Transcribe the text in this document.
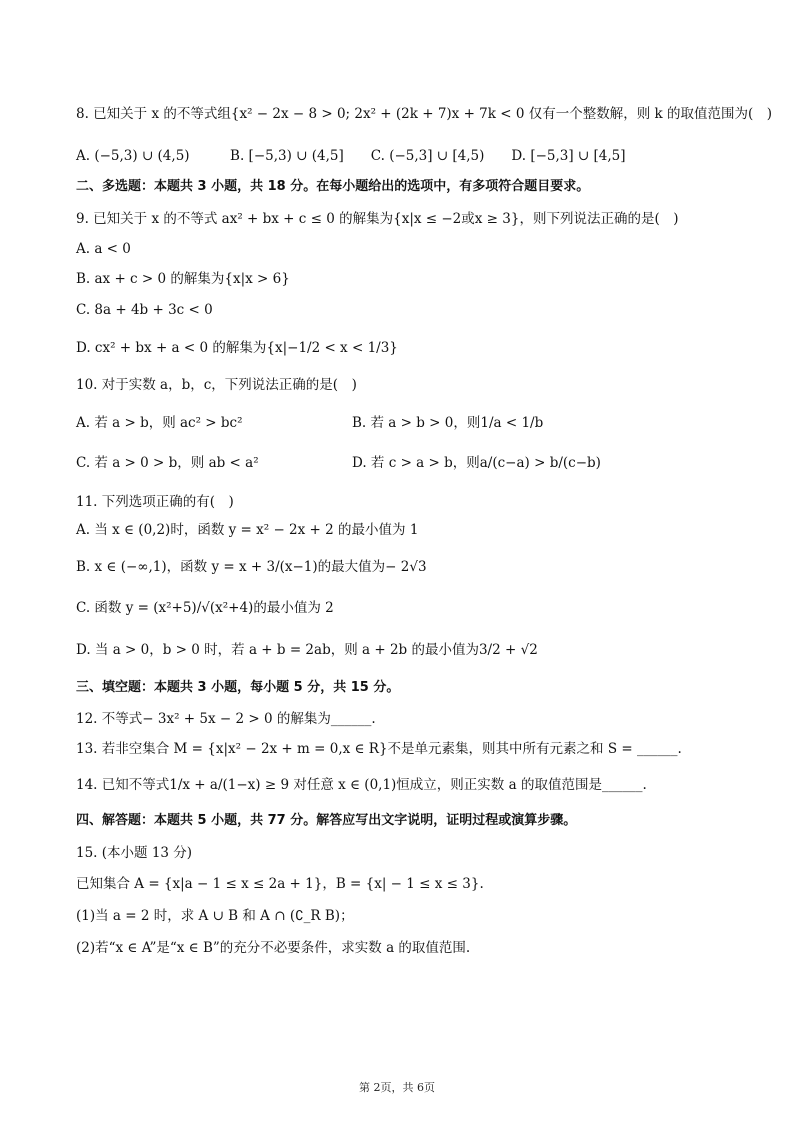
8. 已知关于 x 的不等式组{x² − 2x − 8 > 0; 2x² + (2k + 7)x + 7k < 0 仅有一个整数解，则 k 的取值范围为(　)
A. (−5,3) ∪ (4,5)　　　B. [−5,3) ∪ (4,5]　　C. (−5,3] ∪ [4,5)　　D. [−5,3] ∪ [4,5]
二、多选题：本题共 3 小题，共 18 分。在每小题给出的选项中，有多项符合题目要求。
9. 已知关于 x 的不等式 ax² + bx + c ≤ 0 的解集为{x|x ≤ −2或x ≥ 3}，则下列说法正确的是(　)
A. a < 0
B. ax + c > 0 的解集为{x|x > 6}
C. 8a + 4b + 3c < 0
D. cx² + bx + a < 0 的解集为{x|−1/2 < x < 1/3}
10. 对于实数 a，b，c，下列说法正确的是(　)
A. 若 a > b，则 ac² > bc²	B. 若 a > b > 0，则1/a < 1/b
C. 若 a > 0 > b，则 ab < a²	D. 若 c > a > b，则a/(c−a) > b/(c−b)
11. 下列选项正确的有(　)
A. 当 x ∈ (0,2)时，函数 y = x² − 2x + 2 的最小值为 1
B. x ∈ (−∞,1)，函数 y = x + 3/(x−1)的最大值为− 2√3
C. 函数 y = (x²+5)/√(x²+4)的最小值为 2
D. 当 a > 0，b > 0 时，若 a + b = 2ab，则 a + 2b 的最小值为3/2 + √2
三、填空题：本题共 3 小题，每小题 5 分，共 15 分。
12. 不等式− 3x² + 5x − 2 > 0 的解集为______.
13. 若非空集合 M = {x|x² − 2x + m = 0,x ∈ R}不是单元素集，则其中所有元素之和 S = ______.
14. 已知不等式1/x + a/(1−x) ≥ 9 对任意 x ∈ (0,1)恒成立，则正实数 a 的取值范围是______.
四、解答题：本题共 5 小题，共 77 分。解答应写出文字说明，证明过程或演算步骤。
15. (本小题 13 分)
已知集合 A = {x|a − 1 ≤ x ≤ 2a + 1}，B = {x| − 1 ≤ x ≤ 3}.
(1)当 a = 2 时，求 A ∪ B 和 A ∩ (∁_R B)；
(2)若“x ∈ A”是“x ∈ B”的充分不必要条件，求实数 a 的取值范围.
第 2页，共 6页
